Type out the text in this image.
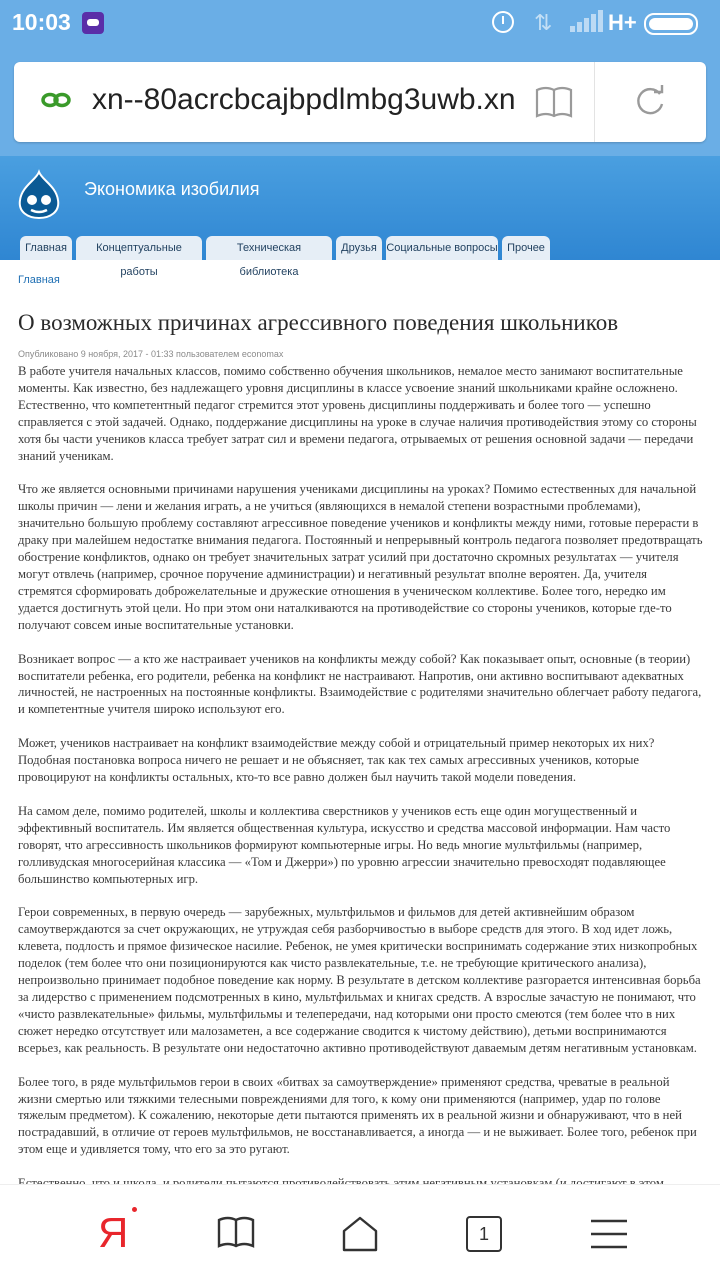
10:03	⇅	H+
xn--80acrcbcajbpdlmbg3uwb.xn
Экономика изобилия
Главная	Концептуальные работы
Техническая библиотека
Друзья Социальные вопросы Прочее
Главная
О возможных причинах агрессивного поведения школьников
Опубликовано 9 ноября, 2017 - 01:33 пользователем economax

В работе учителя начальных классов, помимо собственно обучения школьников, немалое место занимают воспитательные моменты. Как известно, без надлежащего уровня дисциплины в классе усвоение знаний школьниками крайне осложнено. Естественно, что компетентный педагог стремится этот уровень дисциплины поддерживать и более того — успешно справляется с этой задачей. Однако, поддержание дисциплины на уроке в случае наличия противодействия этому со стороны хотя бы части учеников класса требует затрат сил и времени педагога, отрываемых от решения основной задачи — передачи знаний ученикам.

Что же является основными причинами нарушения учениками дисциплины на уроках? Помимо естественных для начальной школы причин — лени и желания играть, а не учиться (являющихся в немалой степени возрастными проблемами), значительно большую проблему составляют агрессивное поведение учеников и конфликты между ними, готовые перерасти в драку при малейшем недостатке внимания педагога. Постоянный и непрерывный контроль педагога позволяет предотвращать обострение конфликтов, однако он требует значительных затрат усилий при достаточно скромных результатах — учителя могут отвлечь (например, срочное поручение администрации) и негативный результат вполне вероятен. Да, учителя стремятся сформировать доброжелательные и дружеские отношения в ученическом коллективе. Более того, нередко им удается достигнуть этой цели. Но при этом они наталкиваются на противодействие со стороны учеников, которые где-то получают совсем иные воспитательные установки.

Возникает вопрос — а кто же настраивает учеников на конфликты между собой? Как показывает опыт, основные (в теории) воспитатели ребенка, его родители, ребенка на конфликт не настраивают. Напротив, они активно воспитывают адекватных личностей, не настроенных на постоянные конфликты. Взаимодействие с родителями значительно облегчает работу педагога, и компетентные учителя широко используют его.

Может, учеников настраивает на конфликт взаимодействие между собой и отрицательный пример некоторых их них? Подобная постановка вопроса ничего не решает и не объясняет, так как тех самых агрессивных учеников, которые провоцируют на конфликты остальных, кто-то все равно должен был научить такой модели поведения.

На самом деле, помимо родителей, школы и коллектива сверстников у учеников есть еще один могущественный и эффективный воспитатель. Им является общественная культура, искусство и средства массовой информации. Нам часто говорят, что агрессивность школьников формируют компьютерные игры. Но ведь многие мультфильмы (например, голливудская многосерийная классика — «Том и Джерри») по уровню агрессии значительно превосходят подавляющее большинство компьютерных игр.

Герои современных, в первую очередь — зарубежных, мультфильмов и фильмов для детей активнейшим образом самоутверждаются за счет окружающих, не утруждая себя разборчивостью в выборе средств для этого. В ход идет ложь, клевета, подлость и прямое физическое насилие. Ребенок, не умея критически воспринимать содержание этих низкопробных поделок (тем более что они позиционируются как чисто развлекательные, т.е. не требующие критического анализа), непроизвольно принимает подобное поведение как норму. В результате в детском коллективе разгорается интенсивная борьба за лидерство с применением подсмотренных в кино, мультфильмах и книгах средств. А взрослые зачастую не понимают, что «чисто развлекательные» фильмы, мультфильмы и телепередачи, над которыми они просто смеются (тем более что в них сюжет нередко отсутствует или малозаметен, а все содержание сводится к чистому действию), детьми воспринимаются всерьез, как реальность. В результате они недостаточно активно противодействуют даваемым детям негативным установкам.

Более того, в ряде мультфильмов герои в своих «битвах за самоутверждение» применяют средства, чреватые в реальной жизни смертью или тяжкими телесными повреждениями для того, к кому они применяются (например, удар по голове тяжелым предметом). К сожалению, некоторые дети пытаются применять их в реальной жизни и обнаруживают, что в ней пострадавший, в отличие от героев мультфильмов, не восстанавливается, а иногда — и не выживает. Более того, ребенок при этом еще и удивляется тому, что его за это ругают.

Я	1
